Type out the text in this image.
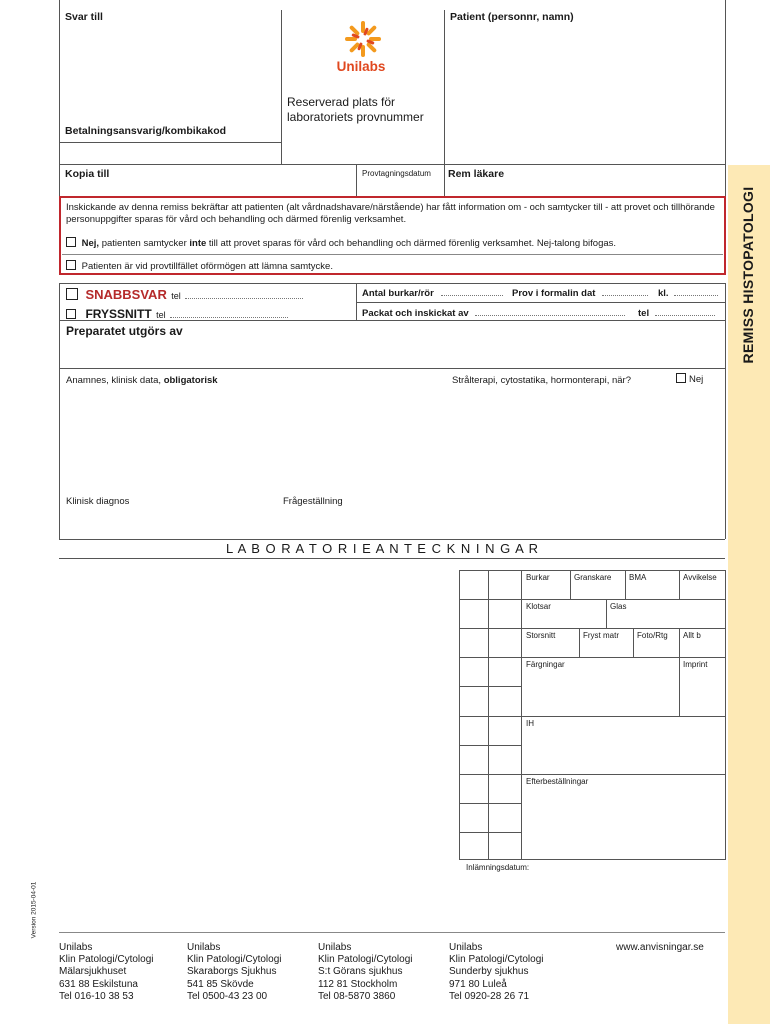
REMISS HISTOPATOLOGI
Svar till	Patient (personnr, namn)
Betalningsansvarig/kombikakod
Unilabs
Reserverad plats för laboratoriets provnummer
Kopia till	Provtagningsdatum Rem läkare
Inskickande av denna remiss bekräftar att patienten (alt vårdnadshavare/närstående) har fått information om - och samtycker till - att provet och tillhörande personuppgifter sparas för vård och behandling och därmed förenlig verksamhet.
Nej, patienten samtycker inte till att provet sparas för vård och behandling och därmed förenlig verksamhet. Nej-talong bifogas.
Patienten är vid provtillfället oförmögen att lämna samtycke.
SNABBSVAR tel
FRYSSNITT tel
Antal burkar/rör	Prov i formalin dat	kl.
Packat och inskickat av	tel
Preparatet utgörs av
Anamnes, klinisk data, obligatorisk	Strålterapi, cytostatika, hormonterapi, när?	Nej
Klinisk diagnos	Frågeställning
L A B O R A T O R I E A N T E C K N I N G A R
Burkar	Granskare BMA	Avvikelse
Klotsar	Glas
Storsnitt	Fryst matr Foto/Rtg Allt b
Färgningar	Imprint
IH
Efterbeställningar
Inlämningsdatum:
Version 2015-04-01
Unilabs
Klin Patologi/Cytologi
Mälarsjukhuset
631 88 Eskilstuna
Tel 016-10 38 53
Unilabs
Klin Patologi/Cytologi
Skaraborgs Sjukhus
541 85 Skövde
Tel 0500-43 23 00
Unilabs
Klin Patologi/Cytologi
S:t Görans sjukhus
112 81 Stockholm
Tel 08-5870 3860
Unilabs
Klin Patologi/Cytologi
Sunderby sjukhus
971 80 Luleå
Tel 0920-28 26 71
www.anvisningar.se
